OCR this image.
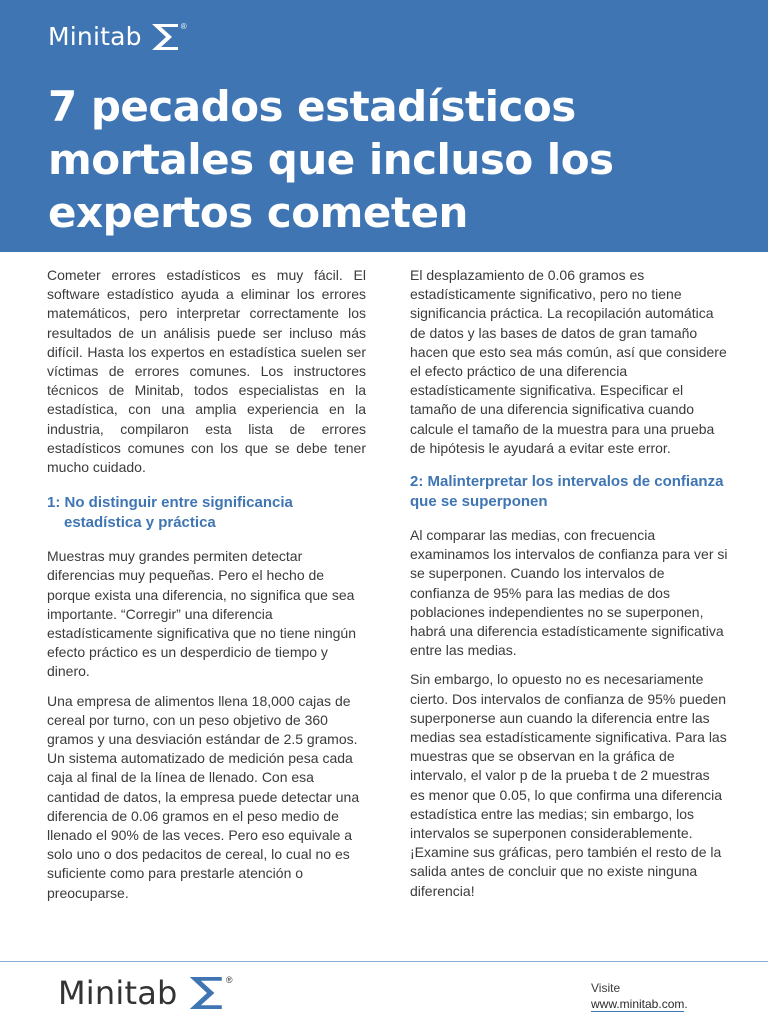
Minitab	®
7 pecados estadísticos mortales que incluso los expertos cometen

Cometer errores estadísticos es muy fácil. El software estadístico ayuda a eliminar los errores matemáticos, pero interpretar correctamente los resultados de un análisis puede ser incluso más difícil. Hasta los expertos en estadística suelen ser víctimas de errores comunes. Los instructores técnicos de Minitab, todos especialistas en la estadística, con una amplia experiencia en la industria, compilaron esta lista de errores estadísticos comunes con los que se debe tener mucho cuidado.

1: No distinguir entre significancia
estadística y práctica

Muestras muy grandes permiten detectar diferencias muy pequeñas. Pero el hecho de porque exista una diferencia, no significa que sea importante. “Corregir” una diferencia estadísticamente significativa que no tiene ningún efecto práctico es un desperdicio de tiempo y dinero.

Una empresa de alimentos llena 18,000 cajas de cereal por turno, con un peso objetivo de 360 gramos y una desviación estándar de 2.5 gramos. Un sistema automatizado de medición pesa cada caja al final de la línea de llenado. Con esa cantidad de datos, la empresa puede detectar una diferencia de 0.06 gramos en el peso medio de llenado el 90% de las veces. Pero eso equivale a solo uno o dos pedacitos de cereal, lo cual no es suficiente como para prestarle atención o preocuparse.

El desplazamiento de 0.06 gramos es estadísticamente significativo, pero no tiene significancia práctica. La recopilación automática de datos y las bases de datos de gran tamaño hacen que esto sea más común, así que considere el efecto práctico de una diferencia estadísticamente significativa. Especificar el tamaño de una diferencia significativa cuando calcule el tamaño de la muestra para una prueba de hipótesis le ayudará a evitar este error.

2: Malinterpretar los intervalos de confianza que se superponen

Al comparar las medias, con frecuencia examinamos los intervalos de confianza para ver si se superponen. Cuando los intervalos de confianza de 95% para las medias de dos poblaciones independientes no se superponen, habrá una diferencia estadísticamente significativa entre las medias.

Sin embargo, lo opuesto no es necesariamente cierto. Dos intervalos de confianza de 95% pueden superponerse aun cuando la diferencia entre las medias sea estadísticamente significativa. Para las muestras que se observan en la gráfica de intervalo, el valor p de la prueba t de 2 muestras es menor que 0.05, lo que confirma una diferencia estadística entre las medias; sin embargo, los intervalos se superponen considerablemente. ¡Examine sus gráficas, pero también el resto de la salida antes de concluir que no existe ninguna diferencia!

Minitab	®
Visite
www.minitab.com.
